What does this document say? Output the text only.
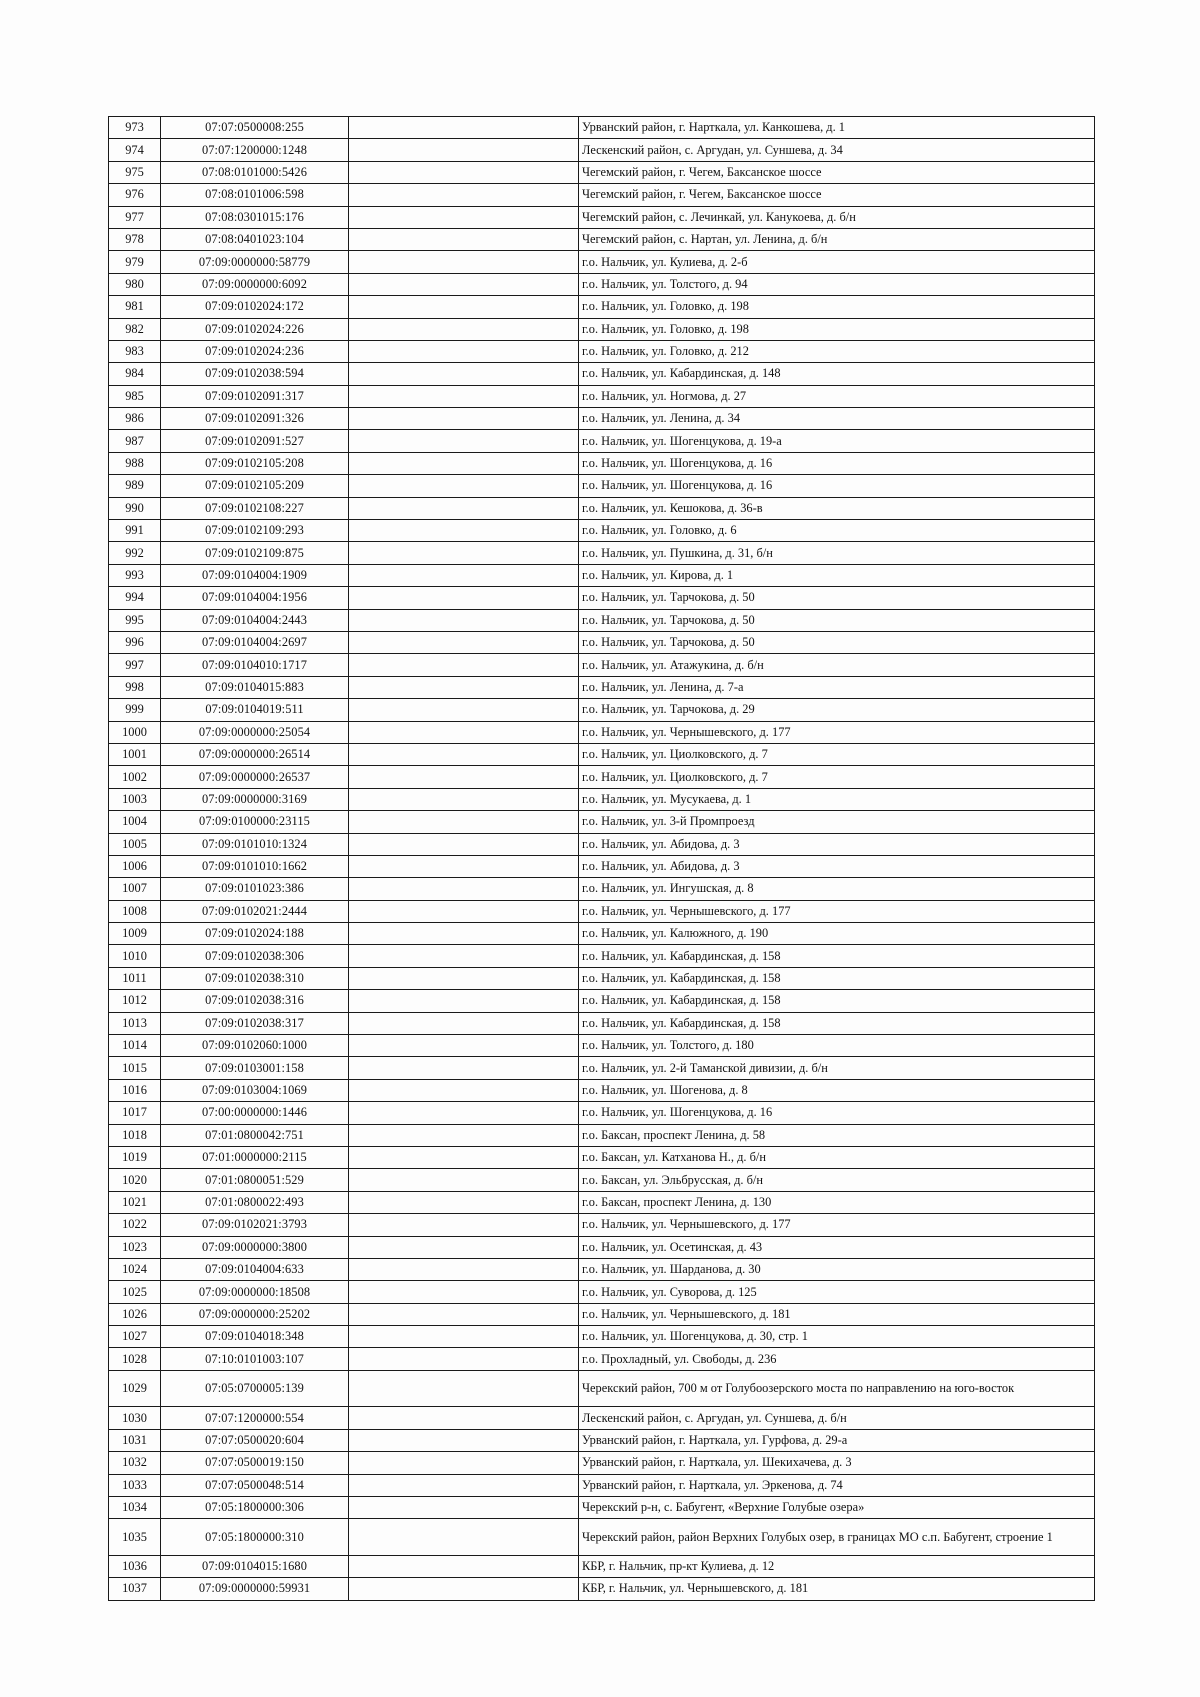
973	07:07:0500008:255		Урванский район, г. Нарткала, ул. Канкошева, д. 1
974	07:07:1200000:1248		Лескенский район, с. Аргудан, ул. Суншева, д. 34
975	07:08:0101000:5426		Чегемский район, г. Чегем, Баксанское шоссе
976	07:08:0101006:598		Чегемский район, г. Чегем, Баксанское шоссе
977	07:08:0301015:176		Чегемский район, с. Лечинкай, ул. Канукоева, д. б/н
978	07:08:0401023:104		Чегемский район, с. Нартан, ул. Ленина, д. б/н
979	07:09:0000000:58779		г.о. Нальчик, ул. Кулиева, д. 2-б
980	07:09:0000000:6092		г.о. Нальчик, ул. Толстого, д. 94
981	07:09:0102024:172		г.о. Нальчик, ул. Головко, д. 198
982	07:09:0102024:226		г.о. Нальчик, ул. Головко, д. 198
983	07:09:0102024:236		г.о. Нальчик, ул. Головко, д. 212
984	07:09:0102038:594		г.о. Нальчик, ул. Кабардинская, д. 148
985	07:09:0102091:317		г.о. Нальчик, ул. Ногмова, д. 27
986	07:09:0102091:326		г.о. Нальчик, ул. Ленина, д. 34
987	07:09:0102091:527		г.о. Нальчик, ул. Шогенцукова, д. 19-а
988	07:09:0102105:208		г.о. Нальчик, ул. Шогенцукова, д. 16
989	07:09:0102105:209		г.о. Нальчик, ул. Шогенцукова, д. 16
990	07:09:0102108:227		г.о. Нальчик, ул. Кешокова, д. 36-в
991	07:09:0102109:293		г.о. Нальчик, ул. Головко, д. 6
992	07:09:0102109:875		г.о. Нальчик, ул. Пушкина, д. 31, б/н
993	07:09:0104004:1909		г.о. Нальчик, ул. Кирова, д. 1
994	07:09:0104004:1956		г.о. Нальчик, ул. Тарчокова, д. 50
995	07:09:0104004:2443		г.о. Нальчик, ул. Тарчокова, д. 50
996	07:09:0104004:2697		г.о. Нальчик, ул. Тарчокова, д. 50
997	07:09:0104010:1717		г.о. Нальчик, ул. Атажукина, д. б/н
998	07:09:0104015:883		г.о. Нальчик, ул. Ленина, д. 7-а
999	07:09:0104019:511		г.о. Нальчик, ул. Тарчокова, д. 29
1000	07:09:0000000:25054		г.о. Нальчик, ул. Чернышевского, д. 177
1001	07:09:0000000:26514		г.о. Нальчик, ул. Циолковского, д. 7
1002	07:09:0000000:26537		г.о. Нальчик, ул. Циолковского, д. 7
1003	07:09:0000000:3169		г.о. Нальчик, ул. Мусукаева, д. 1
1004	07:09:0100000:23115		г.о. Нальчик, ул. 3-й Промпроезд
1005	07:09:0101010:1324		г.о. Нальчик, ул. Абидова, д. 3
1006	07:09:0101010:1662		г.о. Нальчик, ул. Абидова, д. 3
1007	07:09:0101023:386		г.о. Нальчик, ул. Ингушская, д. 8
1008	07:09:0102021:2444		г.о. Нальчик, ул. Чернышевского, д. 177
1009	07:09:0102024:188		г.о. Нальчик, ул. Калюжного, д. 190
1010	07:09:0102038:306		г.о. Нальчик, ул. Кабардинская, д. 158
1011	07:09:0102038:310		г.о. Нальчик, ул. Кабардинская, д. 158
1012	07:09:0102038:316		г.о. Нальчик, ул. Кабардинская, д. 158
1013	07:09:0102038:317		г.о. Нальчик, ул. Кабардинская, д. 158
1014	07:09:0102060:1000		г.о. Нальчик, ул. Толстого, д. 180
1015	07:09:0103001:158		г.о. Нальчик, ул. 2-й Таманской дивизии, д. б/н
1016	07:09:0103004:1069		г.о. Нальчик, ул. Шогенова, д. 8
1017	07:00:0000000:1446		г.о. Нальчик, ул. Шогенцукова, д. 16
1018	07:01:0800042:751		г.о. Баксан, проспект Ленина, д. 58
1019	07:01:0000000:2115		г.о. Баксан, ул. Катханова Н., д. б/н
1020	07:01:0800051:529		г.о. Баксан, ул. Эльбрусская, д. б/н
1021	07:01:0800022:493		г.о. Баксан, проспект Ленина, д. 130
1022	07:09:0102021:3793		г.о. Нальчик, ул. Чернышевского, д. 177
1023	07:09:0000000:3800		г.о. Нальчик, ул. Осетинская, д. 43
1024	07:09:0104004:633		г.о. Нальчик, ул. Шарданова, д. 30
1025	07:09:0000000:18508		г.о. Нальчик, ул. Суворова, д. 125
1026	07:09:0000000:25202		г.о. Нальчик, ул. Чернышевского, д. 181
1027	07:09:0104018:348		г.о. Нальчик, ул. Шогенцукова, д. 30, стр. 1
1028	07:10:0101003:107		г.о. Прохладный, ул. Свободы, д. 236
1029	07:05:0700005:139		Черекский район, 700 м от Голубоозерского моста по направлению на юго-восток
1030	07:07:1200000:554		Лескенский район, с. Аргудан, ул. Суншева, д. б/н
1031	07:07:0500020:604		Урванский район, г. Нарткала, ул. Гурфова, д. 29-а
1032	07:07:0500019:150		Урванский район, г. Нарткала, ул. Шекихачева, д. 3
1033	07:07:0500048:514		Урванский район, г. Нарткала, ул. Эркенова, д. 74
1034	07:05:1800000:306		Черекский р-н, с. Бабугент, «Верхние Голубые озера»
1035	07:05:1800000:310		Черекский район, район Верхних Голубых озер, в границах МО с.п. Бабугент, строение 1
1036	07:09:0104015:1680		КБР, г. Нальчик, пр-кт Кулиева, д. 12
1037	07:09:0000000:59931		КБР, г. Нальчик, ул. Чернышевского, д. 181
